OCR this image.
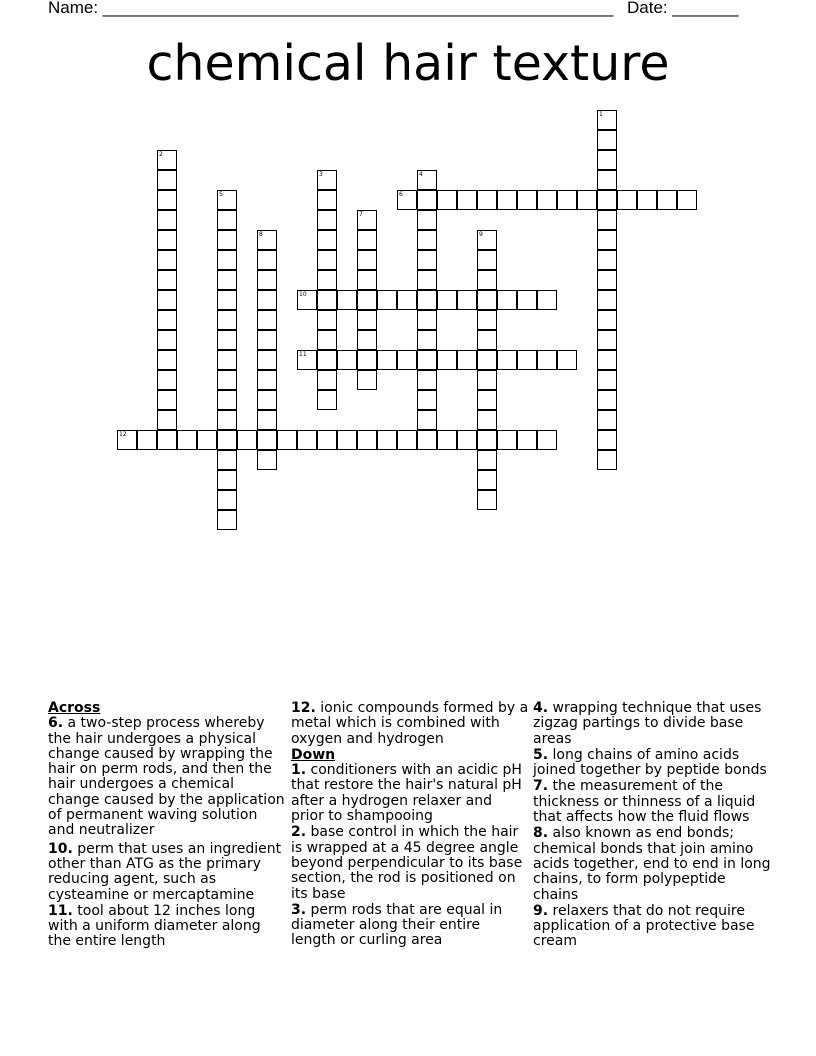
Name: ______________________________________________________ Date: _______
chemical hair texture
1
2
3	4
5	6
7
8	9
10
11
12
Across
6. a two-step process whereby the hair undergoes a physical change caused by wrapping the hair on perm rods, and then the hair undergoes a chemical change caused by the application of permanent waving solution and neutralizer
10. perm that uses an ingredient other than ATG as the primary reducing agent, such as cysteamine or mercaptamine
11. tool about 12 inches long with a uniform diameter along the entire length
12. ionic compounds formed by a metal which is combined with oxygen and hydrogen
Down
1. conditioners with an acidic pH that restore the hair's natural pH after a hydrogen relaxer and prior to shampooing
2. base control in which the hair is wrapped at a 45 degree angle beyond perpendicular to its base section, the rod is positioned on its base
3. perm rods that are equal in diameter along their entire length or curling area
4. wrapping technique that uses zigzag partings to divide base areas
5. long chains of amino acids joined together by peptide bonds
7. the measurement of the thickness or thinness of a liquid that affects how the fluid flows
8. also known as end bonds; chemical bonds that join amino acids together, end to end in long chains, to form polypeptide chains
9. relaxers that do not require application of a protective base cream
